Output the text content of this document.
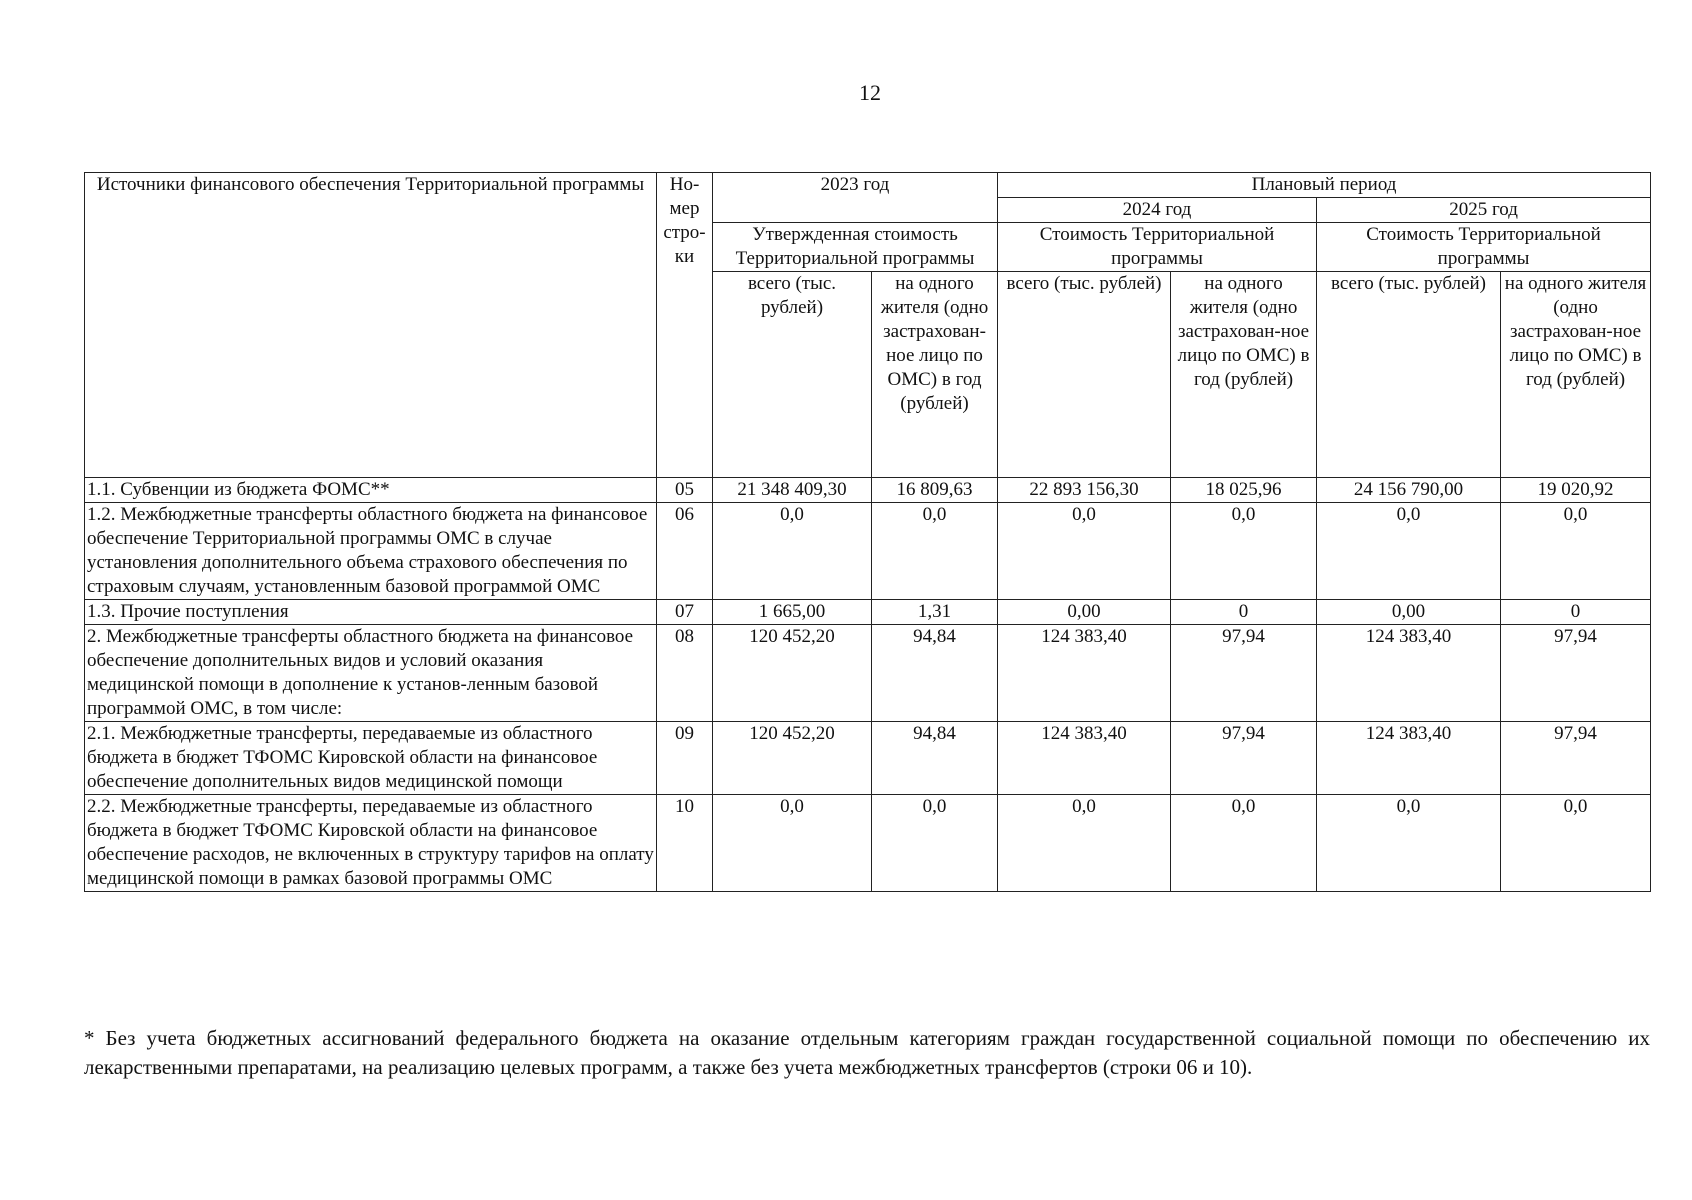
12
Источники финансового обеспечения Территориальной программы	Но-мер стро-ки	2023 год		Плановый период			
				2024 год		2025 год	
		Утвержденная стоимость Территориальной программы		Стоимость Территориальной программы		Стоимость Территориальной программы	
		всего (тыс. рублей)	на одного жителя (одно застрахован-ное лицо по ОМС) в год (рублей)	всего (тыс. рублей)	на одного жителя (одно застрахован-ное лицо по ОМС) в год (рублей)	всего (тыс. рублей)	на одного жителя (одно застрахован-ное лицо по ОМС) в год (рублей)
1.1. Субвенции из бюджета ФОМС**	05	21 348 409,30	16 809,63	22 893 156,30	18 025,96	24 156 790,00	19 020,92
1.2. Межбюджетные трансферты областного бюджета на финансовое обеспечение Территориальной программы ОМС в случае установления дополнительного объема страхового обеспечения по страховым случаям, установленным базовой программой ОМС	06	0,0	0,0	0,0	0,0	0,0	0,0
1.3. Прочие поступления	07	1 665,00	1,31	0,00	0	0,00	0
2. Межбюджетные трансферты областного бюджета на финансовое обеспечение дополнительных видов и условий оказания медицинской помощи в дополнение к установ-ленным базовой программой ОМС, в том числе:	08	120 452,20	94,84	124 383,40	97,94	124 383,40	97,94
2.1. Межбюджетные трансферты, передаваемые из областного бюджета в бюджет ТФОМС Кировской области на финансовое обеспечение дополнительных видов медицинской помощи	09	120 452,20	94,84	124 383,40	97,94	124 383,40	97,94
2.2. Межбюджетные трансферты, передаваемые из областного бюджета в бюджет ТФОМС Кировской области на финансовое обеспечение расходов, не включенных в структуру тарифов на оплату медицинской помощи в рамках базовой программы ОМС	10	0,0	0,0	0,0	0,0	0,0	0,0
* Без учета бюджетных ассигнований федерального бюджета на оказание отдельным категориям граждан государственной социальной помощи по обеспечению их лекарственными препаратами, на реализацию целевых программ, а также без учета межбюджетных трансфертов (строки 06 и 10).
